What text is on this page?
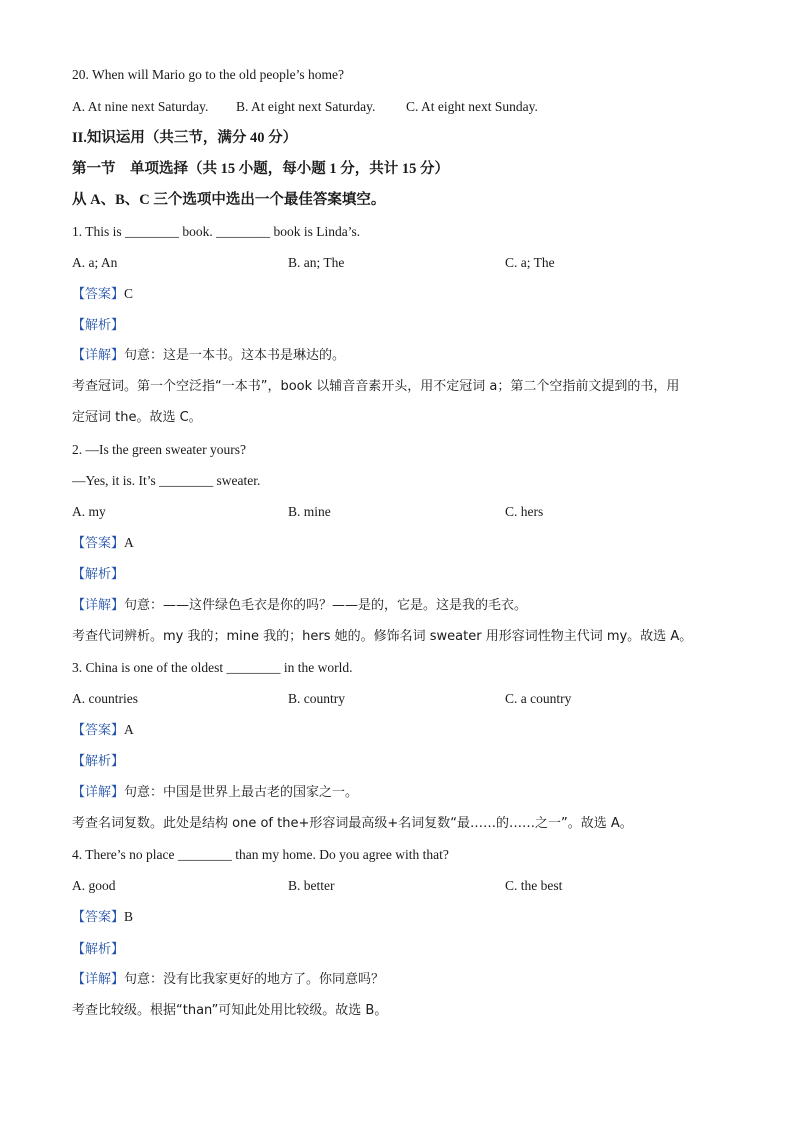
20. When will Mario go to the old people’s home?
A. At nine next Saturday. B. At eight next Saturday. C. At eight next Sunday.
II.知识运用（共三节，满分 40 分）
第一节　单项选择（共 15 小题，每小题 1 分，共计 15 分）
从 A、B、C 三个选项中选出一个最佳答案填空。
1. This is ________ book. ________ book is Linda’s.
A. a; An	B. an; The	C. a; The
【答案】C
【解析】
【详解】句意：这是一本书。这本书是琳达的。
考查冠词。第一个空泛指“一本书”，book 以辅音音素开头，用不定冠词 a；第二个空指前文提到的书，用
定冠词 the。故选 C。
2. —Is the green sweater yours?
—Yes, it is. It’s ________ sweater.
A. my	B. mine	C. hers
【答案】A
【解析】
【详解】句意：——这件绿色毛衣是你的吗？——是的，它是。这是我的毛衣。
考查代词辨析。my 我的；mine 我的；hers 她的。修饰名词 sweater 用形容词性物主代词 my。故选 A。
3. China is one of the oldest ________ in the world.
A. countries	B. country	C. a country
【答案】A
【解析】
【详解】句意：中国是世界上最古老的国家之一。
考查名词复数。此处是结构 one of the+形容词最高级+名词复数“最……的……之一”。故选 A。
4. There’s no place ________ than my home. Do you agree with that?
A. good	B. better	C. the best
【答案】B
【解析】
【详解】句意：没有比我家更好的地方了。你同意吗？
考查比较级。根据“than”可知此处用比较级。故选 B。
